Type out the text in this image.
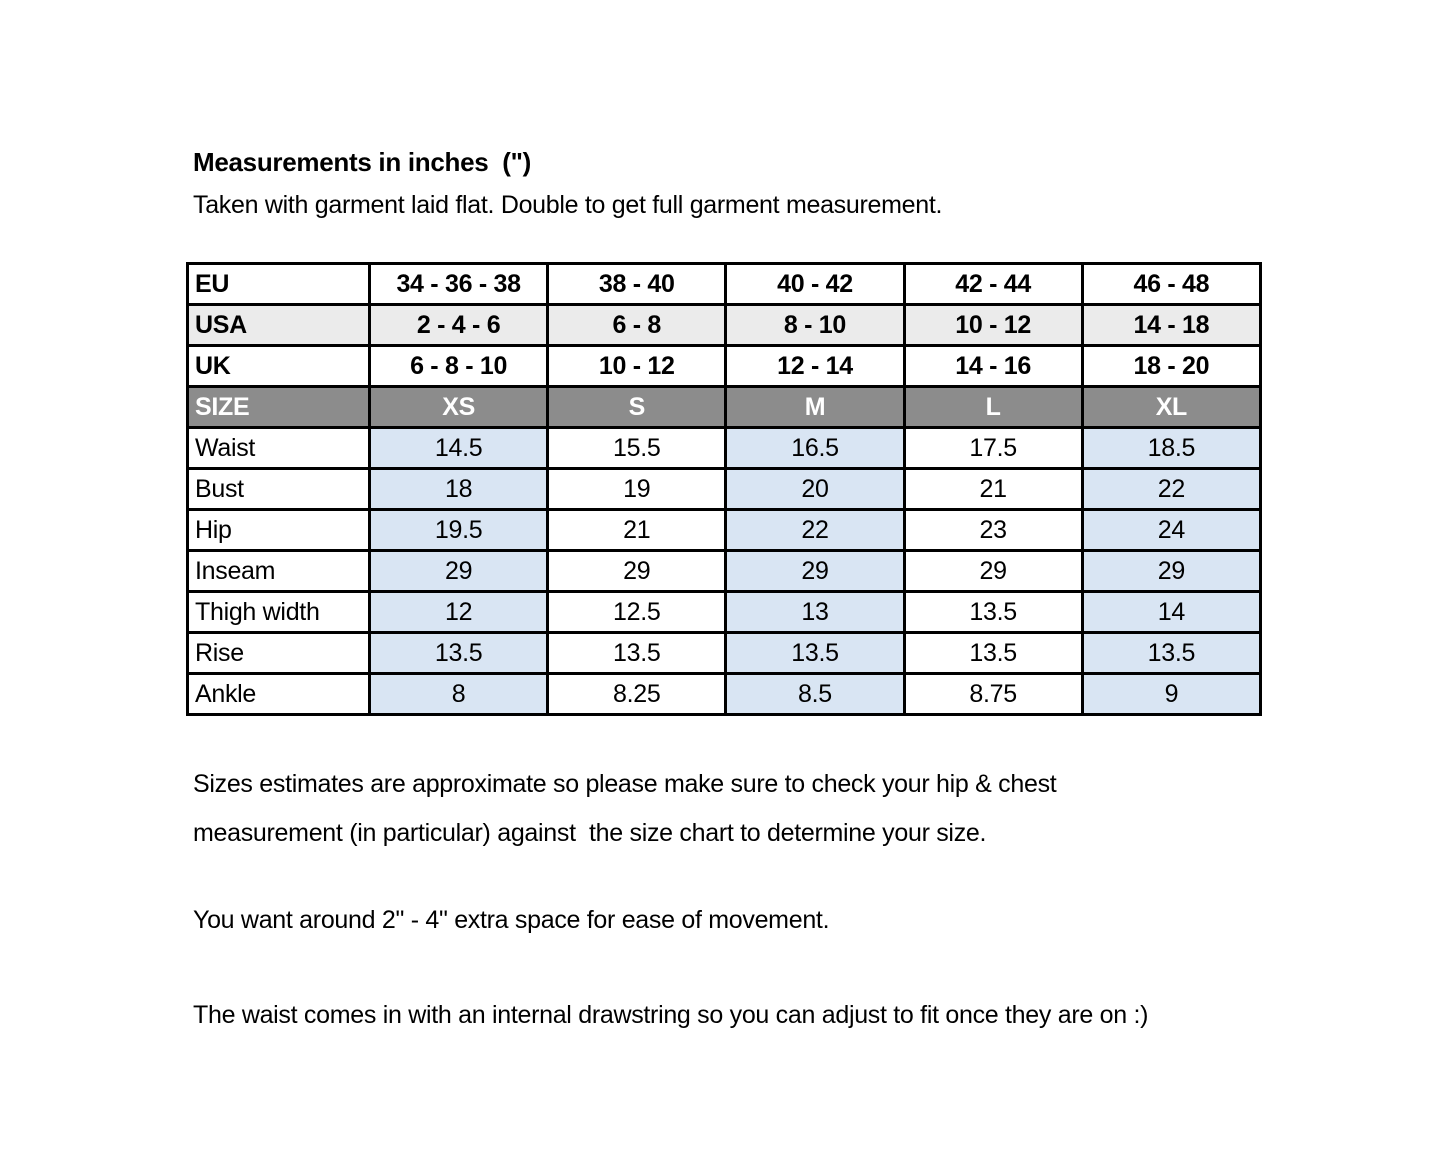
Measurements in inches  (")

Taken with garment laid flat. Double to get full garment measurement.

EU	34 - 36 - 38	38 - 40	40 - 42	42 - 44	46 - 48
USA	2 - 4 - 6	6 - 8	8 - 10	10 - 12	14 - 18
UK	6 - 8 - 10	10 - 12	12 - 14	14 - 16	18 - 20
SIZE	XS	S	M	L	XL
Waist	14.5	15.5	16.5	17.5	18.5
Bust	18	19	20	21	22
Hip	19.5	21	22	23	24
Inseam	29	29	29	29	29
Thigh width	12	12.5	13	13.5	14
Rise	13.5	13.5	13.5	13.5	13.5
Ankle	8	8.25	8.5	8.75	9

Sizes estimates are approximate so please make sure to check your hip & chest measurement (in particular) against  the size chart to determine your size.

You want around 2" - 4" extra space for ease of movement.

The waist comes in with an internal drawstring so you can adjust to fit once they are on :)
